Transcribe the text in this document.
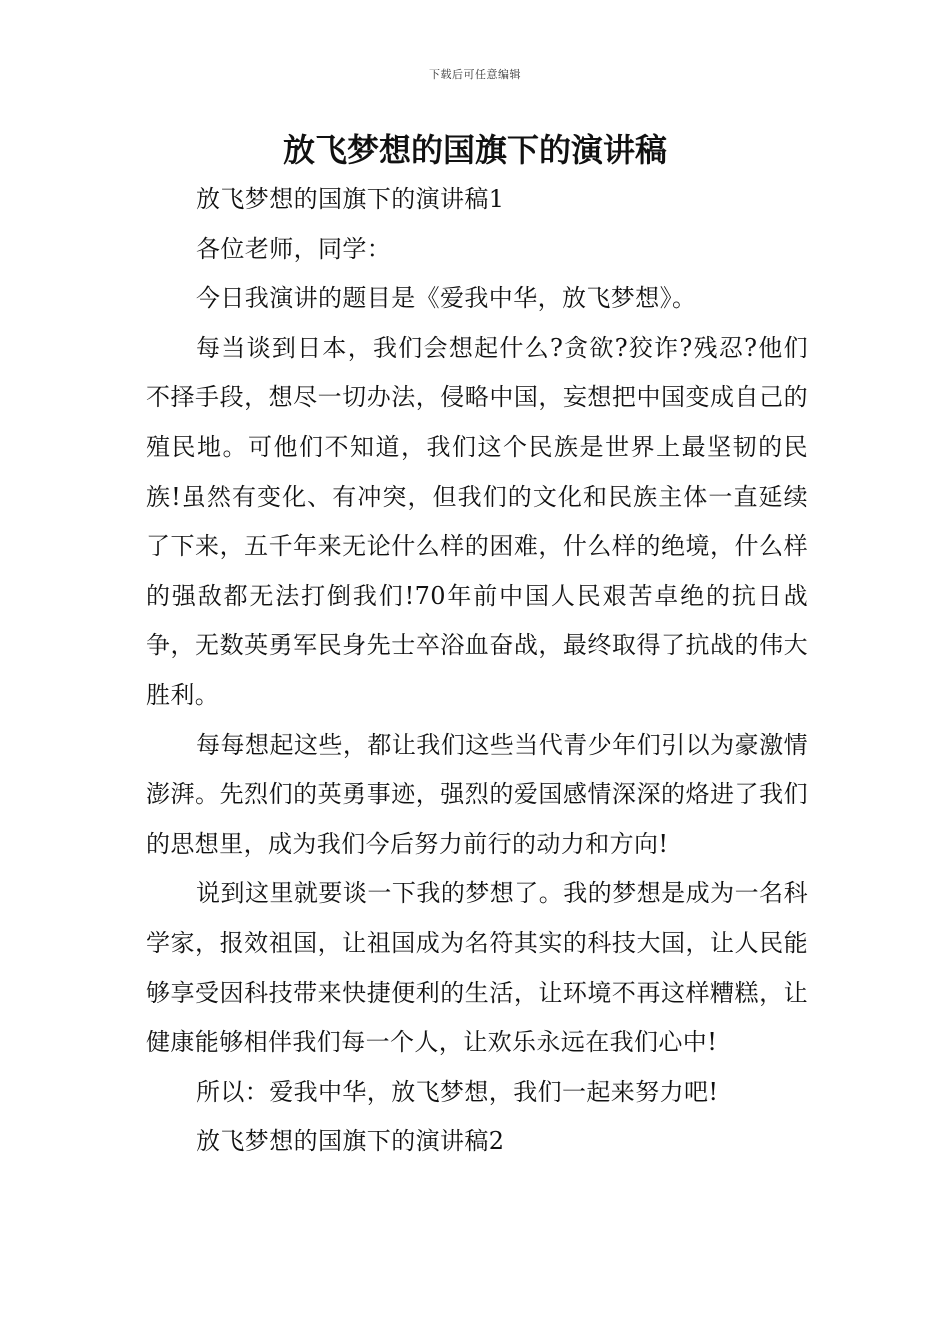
下载后可任意编辑
放飞梦想的国旗下的演讲稿

放飞梦想的国旗下的演讲稿1

各位老师，同学：

今日我演讲的题目是《爱我中华，放飞梦想》。

每当谈到日本，我们会想起什么?贪欲?狡诈?残忍?他们不择手段，想尽一切办法，侵略中国，妄想把中国变成自己的殖民地。可他们不知道，我们这个民族是世界上最坚韧的民族!虽然有变化、有冲突，但我们的文化和民族主体一直延续了下来，五千年来无论什么样的困难，什么样的绝境，什么样的强敌都无法打倒我们!70年前中国人民艰苦卓绝的抗日战争，无数英勇军民身先士卒浴血奋战，最终取得了抗战的伟大胜利。

每每想起这些，都让我们这些当代青少年们引以为豪激情澎湃。先烈们的英勇事迹，强烈的爱国感情深深的烙进了我们的思想里，成为我们今后努力前行的动力和方向!

说到这里就要谈一下我的梦想了。我的梦想是成为一名科学家，报效祖国，让祖国成为名符其实的科技大国，让人民能够享受因科技带来快捷便利的生活，让环境不再这样糟糕，让健康能够相伴我们每一个人，让欢乐永远在我们心中!

所以：爱我中华，放飞梦想，我们一起来努力吧!

放飞梦想的国旗下的演讲稿2
